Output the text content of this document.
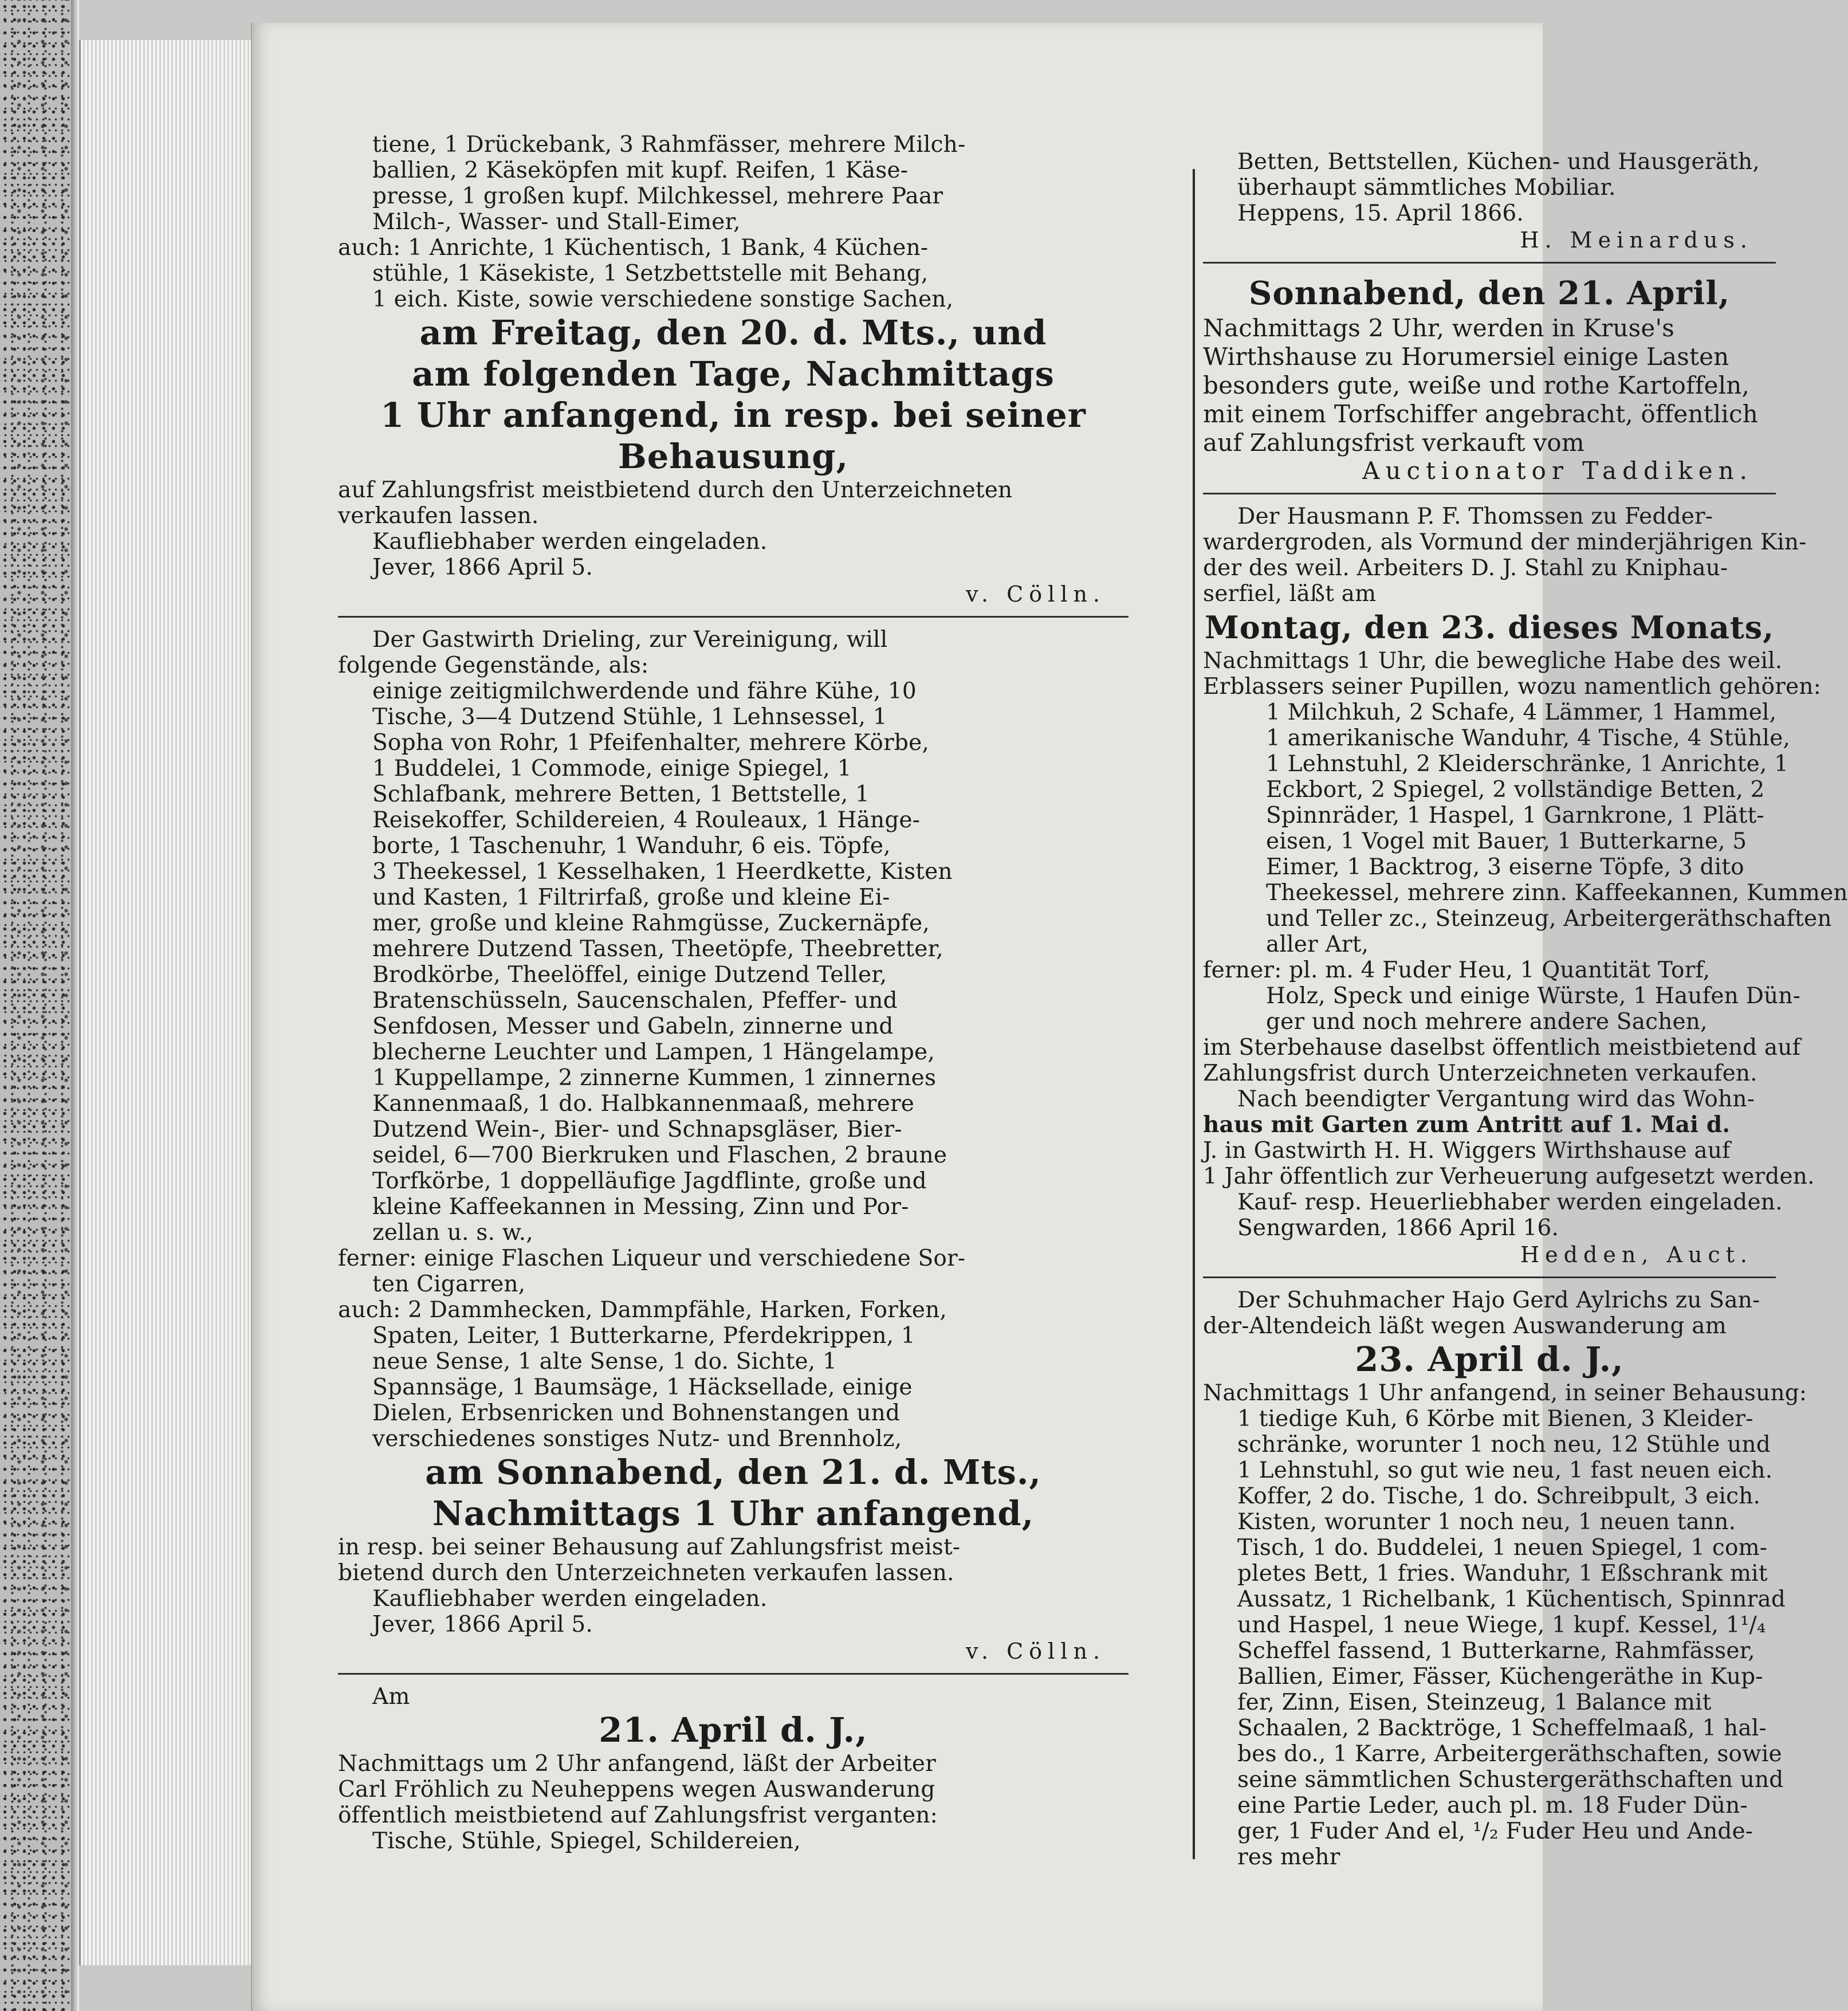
tiene, 1 Drückebank, 3 Rahmfässer, mehrere Milch-
ballien, 2 Käseköpfen mit kupf. Reifen, 1 Käse-
presse, 1 großen kupf. Milchkessel, mehrere Paar
Milch-, Wasser- und Stall-Eimer,
auch: 1 Anrichte, 1 Küchentisch, 1 Bank, 4 Küchen-
stühle, 1 Käsekiste, 1 Setzbettstelle mit Behang,
1 eich. Kiste, sowie verschiedene sonstige Sachen,
am Freitag, den 20. d. Mts., und
am folgenden Tage, Nachmittags
1 Uhr anfangend, in resp. bei seiner
Behausung,
auf Zahlungsfrist meistbietend durch den Unterzeichneten
verkaufen lassen.
Kaufliebhaber werden eingeladen.
Jever, 1866 April 5.
v. Cölln.
Der Gastwirth Drieling, zur Vereinigung, will
folgende Gegenstände, als:
einige zeitigmilchwerdende und fähre Kühe, 10
Tische, 3—4 Dutzend Stühle, 1 Lehnsessel, 1
Sopha von Rohr, 1 Pfeifenhalter, mehrere Körbe,
1 Buddelei, 1 Commode, einige Spiegel, 1
Schlafbank, mehrere Betten, 1 Bettstelle, 1
Reisekoffer, Schildereien, 4 Rouleaux, 1 Hänge-
borte, 1 Taschenuhr, 1 Wanduhr, 6 eis. Töpfe,
3 Theekessel, 1 Kesselhaken, 1 Heerdkette, Kisten
und Kasten, 1 Filtrirfaß, große und kleine Ei-
mer, große und kleine Rahmgüsse, Zuckernäpfe,
mehrere Dutzend Tassen, Theetöpfe, Theebretter,
Brodkörbe, Theelöffel, einige Dutzend Teller,
Bratenschüsseln, Saucenschalen, Pfeffer- und
Senfdosen, Messer und Gabeln, zinnerne und
blecherne Leuchter und Lampen, 1 Hängelampe,
1 Kuppellampe, 2 zinnerne Kummen, 1 zinnernes
Kannenmaaß, 1 do. Halbkannenmaaß, mehrere
Dutzend Wein-, Bier- und Schnapsgläser, Bier-
seidel, 6—700 Bierkruken und Flaschen, 2 braune
Torfkörbe, 1 doppelläufige Jagdflinte, große und
kleine Kaffeekannen in Messing, Zinn und Por-
zellan u. s. w.,
ferner: einige Flaschen Liqueur und verschiedene Sor-
ten Cigarren,
auch: 2 Dammhecken, Dammpfähle, Harken, Forken,
Spaten, Leiter, 1 Butterkarne, Pferdekrippen, 1
neue Sense, 1 alte Sense, 1 do. Sichte, 1
Spannsäge, 1 Baumsäge, 1 Häcksellade, einige
Dielen, Erbsenricken und Bohnenstangen und
verschiedenes sonstiges Nutz- und Brennholz,
am Sonnabend, den 21. d. Mts.,
Nachmittags 1 Uhr anfangend,
in resp. bei seiner Behausung auf Zahlungsfrist meist-
bietend durch den Unterzeichneten verkaufen lassen.
Kaufliebhaber werden eingeladen.
Jever, 1866 April 5.
v. Cölln.
Am
21. April d. J.,
Nachmittags um 2 Uhr anfangend, läßt der Arbeiter
Carl Fröhlich zu Neuheppens wegen Auswanderung
öffentlich meistbietend auf Zahlungsfrist verganten:
Tische, Stühle, Spiegel, Schildereien,
Betten, Bettstellen, Küchen- und Hausgeräth,
überhaupt sämmtliches Mobiliar.
Heppens, 15. April 1866.
H. Meinardus.
Sonnabend, den 21. April,
Nachmittags 2 Uhr, werden in Kruse's
Wirthshause zu Horumersiel einige Lasten
besonders gute, weiße und rothe Kartoffeln,
mit einem Torfschiffer angebracht, öffentlich
auf Zahlungsfrist verkauft vom
Auctionator Taddiken.
Der Hausmann P. F. Thomssen zu Fedder-
wardergroden, als Vormund der minderjährigen Kin-
der des weil. Arbeiters D. J. Stahl zu Kniphau-
serfiel, läßt am
Montag, den 23. dieses Monats,
Nachmittags 1 Uhr, die bewegliche Habe des weil.
Erblassers seiner Pupillen, wozu namentlich gehören:
1 Milchkuh, 2 Schafe, 4 Lämmer, 1 Hammel,
1 amerikanische Wanduhr, 4 Tische, 4 Stühle,
1 Lehnstuhl, 2 Kleiderschränke, 1 Anrichte, 1
Eckbort, 2 Spiegel, 2 vollständige Betten, 2
Spinnräder, 1 Haspel, 1 Garnkrone, 1 Plätt-
eisen, 1 Vogel mit Bauer, 1 Butterkarne, 5
Eimer, 1 Backtrog, 3 eiserne Töpfe, 3 dito
Theekessel, mehrere zinn. Kaffeekannen, Kummen
und Teller zc., Steinzeug, Arbeitergeräthschaften
aller Art,
ferner: pl. m. 4 Fuder Heu, 1 Quantität Torf,
Holz, Speck und einige Würste, 1 Haufen Dün-
ger und noch mehrere andere Sachen,
im Sterbehause daselbst öffentlich meistbietend auf
Zahlungsfrist durch Unterzeichneten verkaufen.
Nach beendigter Vergantung wird das Wohn-
haus mit Garten zum Antritt auf 1. Mai d.
J. in Gastwirth H. H. Wiggers Wirthshause auf
1 Jahr öffentlich zur Verheuerung aufgesetzt werden.
Kauf- resp. Heuerliebhaber werden eingeladen.
Sengwarden, 1866 April 16.
Hedden, Auct.
Der Schuhmacher Hajo Gerd Aylrichs zu San-
der-Altendeich läßt wegen Auswanderung am
23. April d. J.,
Nachmittags 1 Uhr anfangend, in seiner Behausung:
1 tiedige Kuh, 6 Körbe mit Bienen, 3 Kleider-
schränke, worunter 1 noch neu, 12 Stühle und
1 Lehnstuhl, so gut wie neu, 1 fast neuen eich.
Koffer, 2 do. Tische, 1 do. Schreibpult, 3 eich.
Kisten, worunter 1 noch neu, 1 neuen tann.
Tisch, 1 do. Buddelei, 1 neuen Spiegel, 1 com-
pletes Bett, 1 fries. Wanduhr, 1 Eßschrank mit
Aussatz, 1 Richelbank, 1 Küchentisch, Spinnrad
und Haspel, 1 neue Wiege, 1 kupf. Kessel, 1¹/₄
Scheffel fassend, 1 Butterkarne, Rahmfässer,
Ballien, Eimer, Fässer, Küchengeräthe in Kup-
fer, Zinn, Eisen, Steinzeug, 1 Balance mit
Schaalen, 2 Backtröge, 1 Scheffelmaaß, 1 hal-
bes do., 1 Karre, Arbeitergeräthschaften, sowie
seine sämmtlichen Schustergeräthschaften und
eine Partie Leder, auch pl. m. 18 Fuder Dün-
ger, 1 Fuder And el, ¹/₂ Fuder Heu und Ande-
res mehr
